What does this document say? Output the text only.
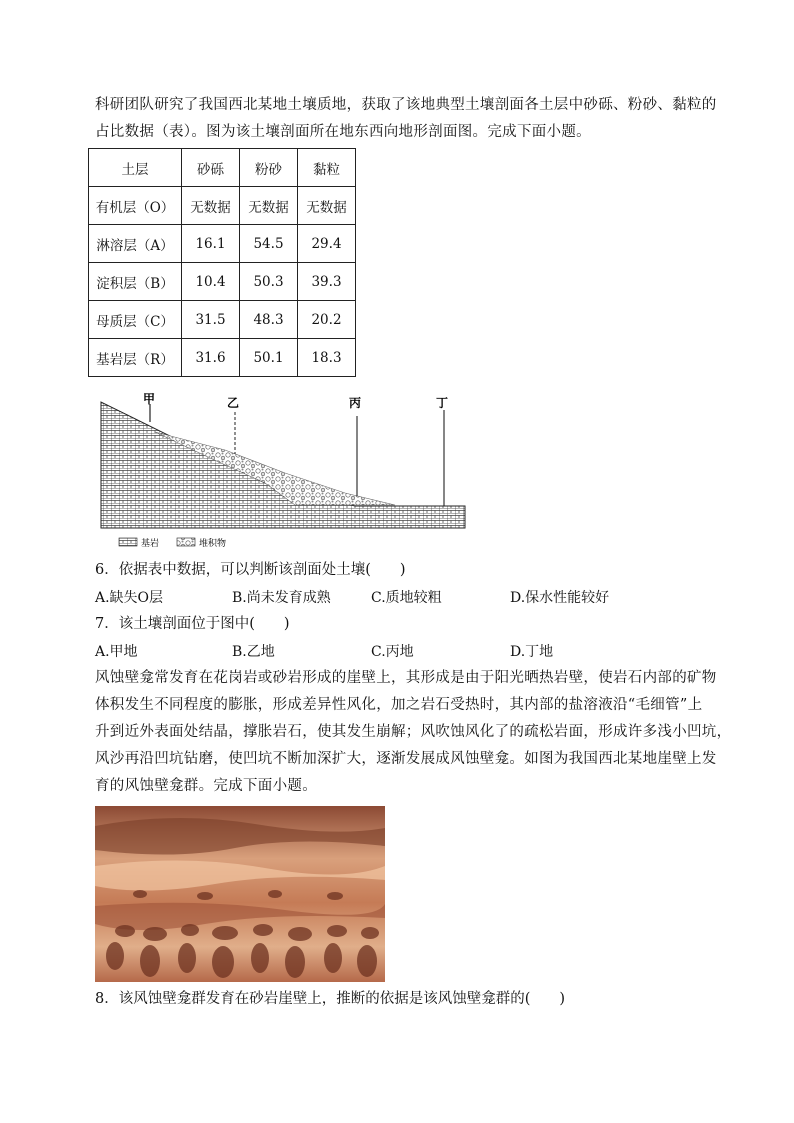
科研团队研究了我国西北某地土壤质地，获取了该地典型土壤剖面各土层中砂砾、粉砂、黏粒的
占比数据（表）。图为该土壤剖面所在地东西向地形剖面图。完成下面小题。
土层	砂砾	粉砂	黏粒
有机层（O）	无数据	无数据	无数据
淋溶层（A）	16.1	54.5	29.4
淀积层（B）	10.4	50.3	39.3
母质层（C）	31.5	48.3	20.2
基岩层（R）	31.6	50.1	18.3
甲	乙	丙	丁
基岩	堆积物
6．依据表中数据，可以判断该剖面处土壤(　　)
A.缺失O层	B.尚未发育成熟	C.质地较粗	D.保水性能较好
7．该土壤剖面位于图中(　　)
A.甲地	B.乙地	C.丙地	D.丁地
风蚀壁龛常发育在花岗岩或砂岩形成的崖壁上，其形成是由于阳光晒热岩壁，使岩石内部的矿物
体积发生不同程度的膨胀，形成差异性风化，加之岩石受热时，其内部的盐溶液沿“毛细管”上
升到近外表面处结晶，撑胀岩石，使其发生崩解；风吹蚀风化了的疏松岩面，形成许多浅小凹坑，
风沙再沿凹坑钻磨，使凹坑不断加深扩大，逐渐发展成风蚀壁龛。如图为我国西北某地崖壁上发
育的风蚀壁龛群。完成下面小题。
8．该风蚀壁龛群发育在砂岩崖壁上，推断的依据是该风蚀壁龛群的(　　)
